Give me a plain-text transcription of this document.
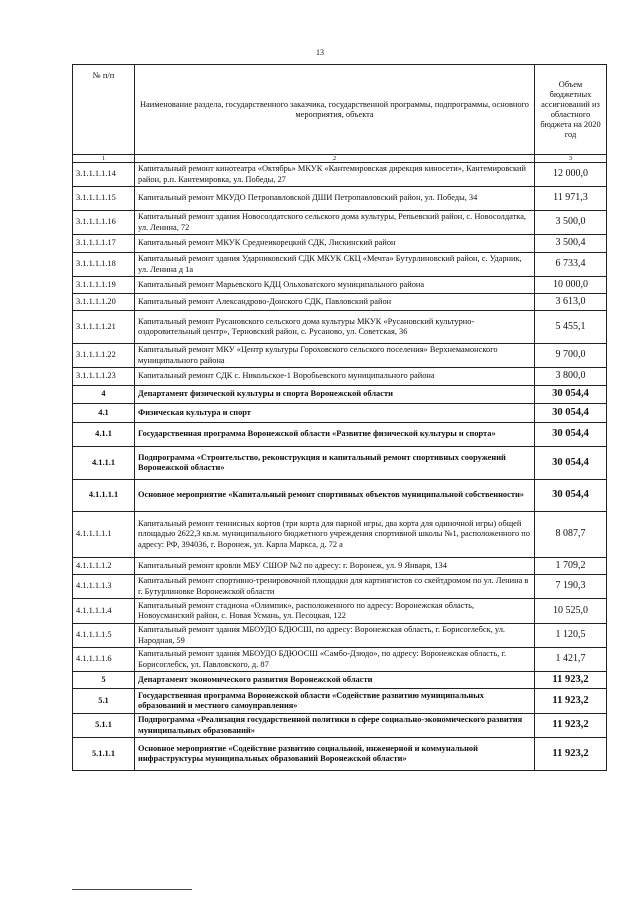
13
№ п/п	Наименование раздела, государственного заказчика, государственной программы, подпрограммы, основного мероприятия, объекта	Объем бюджетных ассигнований из областного бюджета на 2020 год
1	2	3
3.1.1.1.1.14	Капитальный ремонт кинотеатра «Октябрь» МКУК «Кантемировская дирекция киносети», Кантемировский район, р.п. Кантемировка, ул. Победы, 27	12 000,0
3.1.1.1.1.15	Капитальный ремонт МКУДО Петропавловской ДШИ Петропавловский район, ул. Победы, 34	11 971,3
3.1.1.1.1.16	Капитальный ремонт здания Новосолдатского сельского дома культуры, Репьевский район, с. Новосолдатка, ул. Ленина, 72	3 500,0
3.1.1.1.1.17	Капитальный ремонт МКУК Среднеикорецкий СДК, Лискинский район	3 500,4
3.1.1.1.1.18	Капитальный ремонт здания Ударниковский СДК МКУК СКЦ «Мечта» Бутурлиновский район, с. Ударник, ул. Ленина д 1а	6 733,4
3.1.1.1.1.19	Капитальный ремонт Марьевского КДЦ Ольховатского муниципального района	10 000,0
3.1.1.1.1.20	Капитальный ремонт Александрово-Донского СДК, Павловский район	3 613,0
3.1.1.1.1.21	Капитальный ремонт Русановского сельского дома культуры МКУК «Русановский культурно-оздоровительный центр», Терновский район, с. Русаново, ул. Советская, 36	5 455,1
3.1.1.1.1.22	Капитальный ремонт МКУ «Центр культуры Гороховского сельского поселения» Верхнемамонского муниципального района	9 700,0
3.1.1.1.1.23	Капитальный ремонт СДК с. Никольское-1 Воробьевского муниципального района	3 800,0
4	Департамент физической культуры и спорта Воронежской области	30 054,4
4.1	Физическая культура и спорт	30 054,4
4.1.1	Государственная программа Воронежской области «Развитие физической культуры и спорта»	30 054,4
4.1.1.1	Подпрограмма «Строительство, реконструкция и капитальный ремонт спортивных сооружений Воронежской области»	30 054,4
4.1.1.1.1	Основное мероприятие «Капитальный ремонт спортивных объектов муниципальной собственности»	30 054,4
4.1.1.1.1.1	Капитальный ремонт теннисных кортов (три корта для парной игры, два корта для одиночной игры) общей площадью 2622,3 кв.м. муниципального бюджетного учреждения спортивной школы №1, расположенного по адресу: РФ, 394036, г. Воронеж, ул. Карла Маркса, д. 72 а	8 087,7
4.1.1.1.1.2	Капитальный ремонт кровли МБУ СШОР №2 по адресу: г. Воронеж, ул. 9 Января, 134	1 709,2
4.1.1.1.1.3	Капитальный ремонт спортивно-тренировочной площадки для картингистов со скейтдромом по ул. Ленина в г. Бутурлиновке Воронежской области	7 190,3
4.1.1.1.1.4	Капитальный ремонт стадиона «Олимпик», расположенного по адресу: Воронежская область, Новоусманский район, с. Новая Усмань, ул. Песоцкая, 122	10 525,0
4.1.1.1.1.5	Капитальный ремонт здания МБОУДО БДЮСШ, по адресу: Воронежская область, г. Борисоглебск, ул. Народная, 59	1 120,5
4.1.1.1.1.6	Капитальный ремонт здания МБОУДО БДЮОСШ «Самбо-Дзюдо», по адресу: Воронежская область, г. Борисоглебск, ул. Павловского, д. 87	1 421,7
5	Департамент экономического развития Воронежской области	11 923,2
5.1	Государственная программа Воронежской области «Содействие развитию муниципальных образований и местного самоуправления»	11 923,2
5.1.1	Подпрограмма «Реализация государственной политики в сфере социально-экономического развития муниципальных образований»	11 923,2
5.1.1.1	Основное мероприятие «Содействие развитию социальной, инженерной и коммунальной инфраструктуры муниципальных образований Воронежской области»	11 923,2
